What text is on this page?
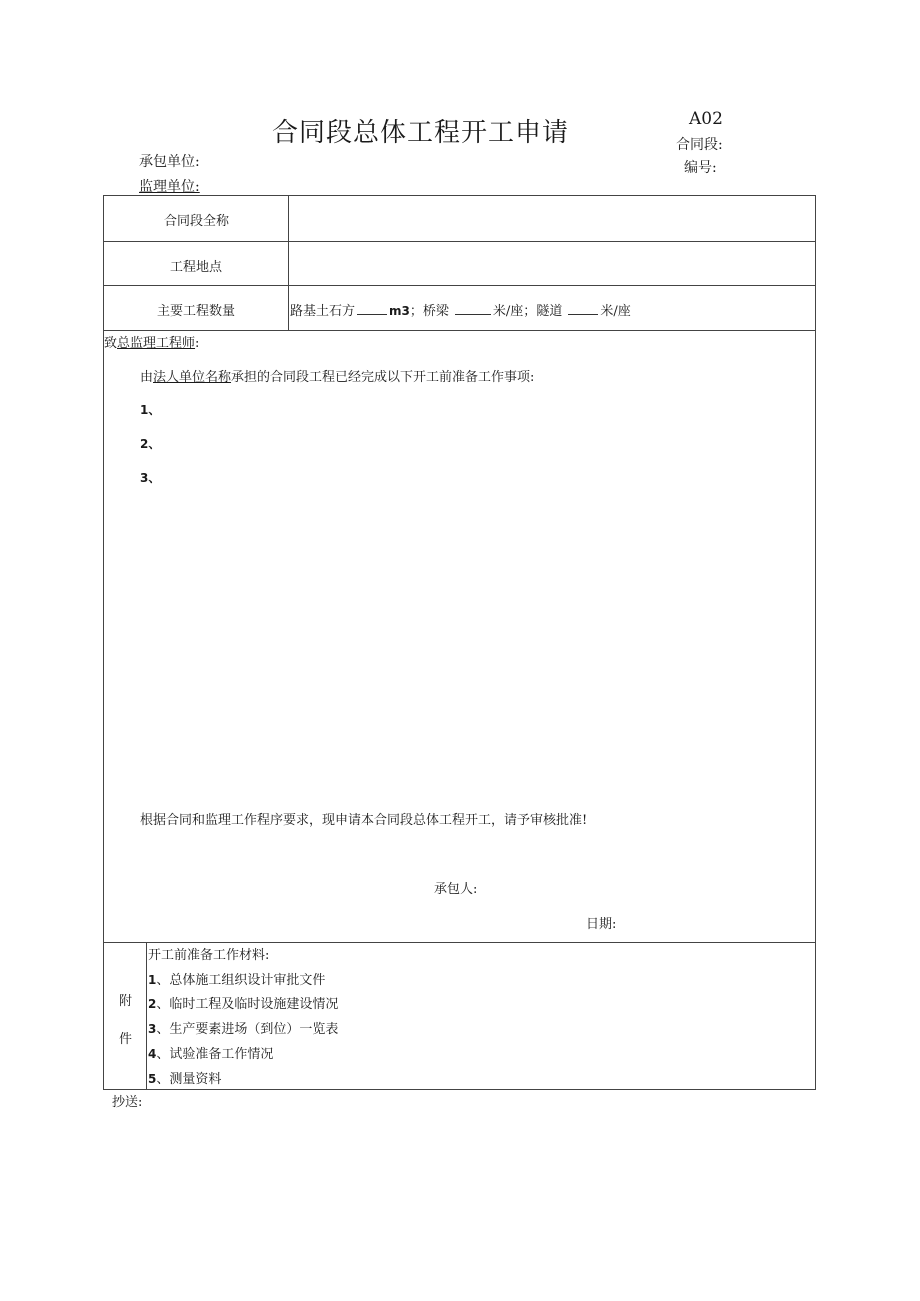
合同段总体工程开工申请	A02
合同段:
编号:
承包单位:
监理单位:
合同段全称
工程地点
主要工程数量	路基土石方	m3；桥梁	米/座；隧道	米/座
致总监理工程师:
由法人单位名称承担的合同段工程已经完成以下开工前准备工作事项:
1、
2、
3、
根据合同和监理工作程序要求，现申请本合同段总体工程开工，请予审核批准!
承包人:
日期:
附
件
开工前准备工作材料:
1、总体施工组织设计审批文件
2、临时工程及临时设施建设情况
3、生产要素进场（到位）一览表
4、试验准备工作情况
5、测量资料
抄送:
